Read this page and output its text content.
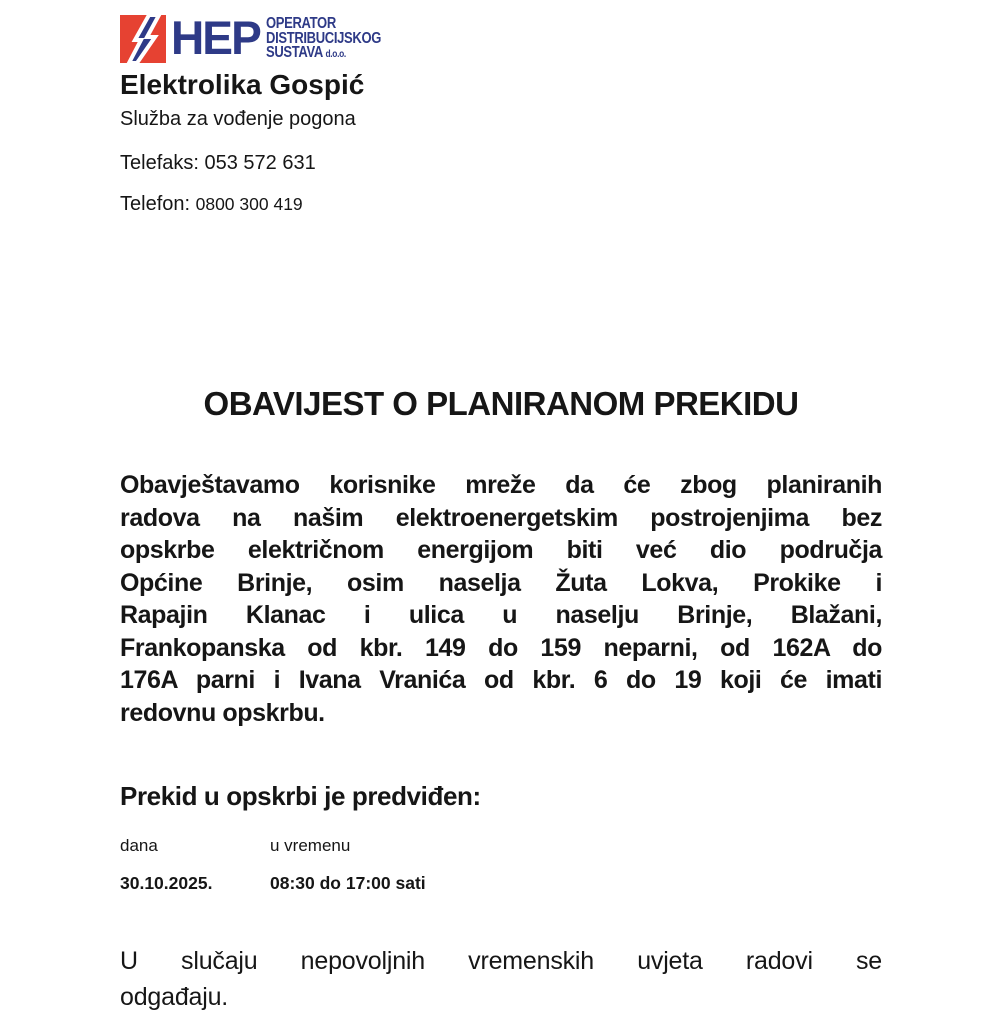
HEP OPERATOR
DISTRIBUCIJSKOG
SUSTAVA d.o.o.
Elektrolika Gospić
Služba za vođenje pogona
Telefaks: 053 572 631
Telefon: 0800 300 419
OBAVIJEST O PLANIRANOM PREKIDU
Obavještavamo korisnike mreže da će zbog planiranih
radova na našim elektroenergetskim postrojenjima bez
opskrbe električnom energijom biti već dio područja
Općine Brinje, osim naselja Žuta Lokva, Prokike i
Rapajin Klanac i ulica u naselju Brinje, Blažani,
Frankopanska od kbr. 149 do 159 neparni, od 162A do
176A parni i Ivana Vranića od kbr. 6 do 19 koji će imati
redovnu opskrbu.
Prekid u opskrbi je predviđen:
dana	u vremenu
30.10.2025.	08:30 do 17:00 sati
U slučaju nepovoljnih vremenskih uvjeta radovi se
odgađaju.
